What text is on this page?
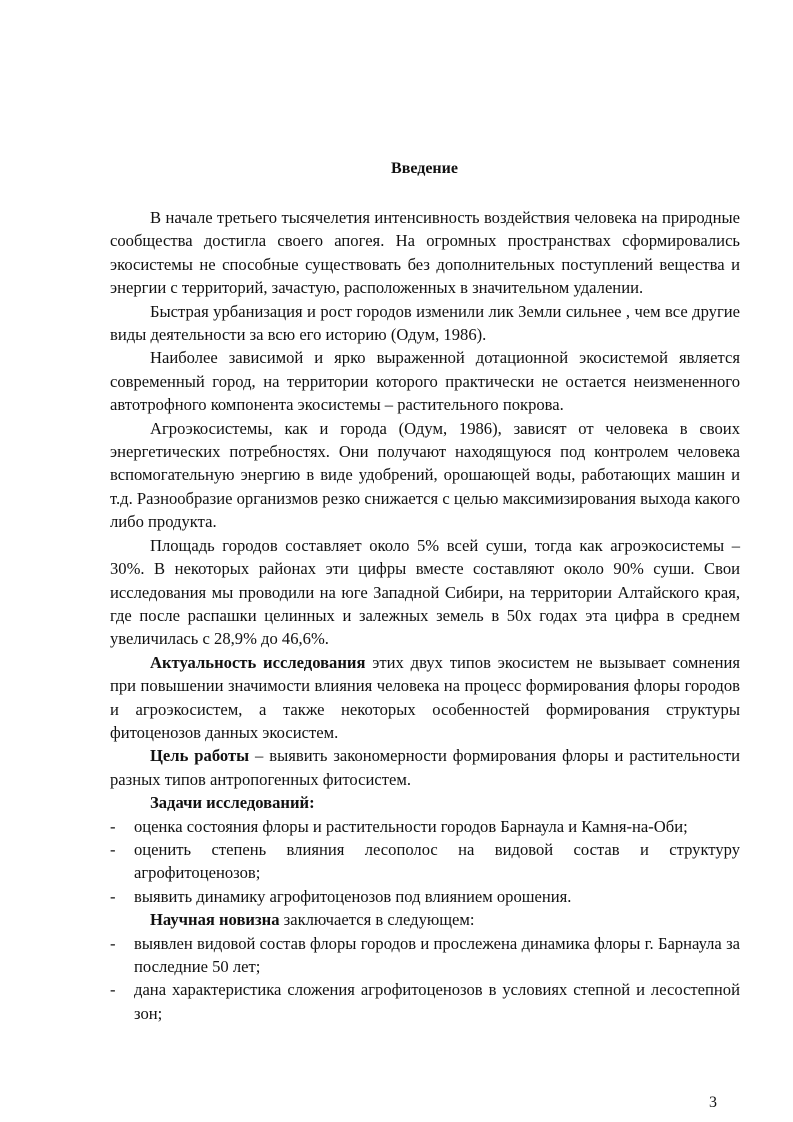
Введение

В начале третьего тысячелетия интенсивность воздействия человека на природные сообщества достигла своего апогея. На огромных пространствах сформировались экосистемы не способные существовать без дополнительных поступлений вещества и энергии с территорий, зачастую, расположенных в значительном удалении.

Быстрая урбанизация и рост городов изменили лик Земли сильнее , чем все другие виды деятельности за всю его историю (Одум, 1986).

Наиболее зависимой и ярко выраженной дотационной экосистемой является современный город, на территории которого практически не остается неизмененного автотрофного компонента экосистемы – растительного покрова.

Агроэкосистемы, как и города (Одум, 1986), зависят от человека в своих энергетических потребностях. Они получают находящуюся под контролем человека вспомогательную энергию в виде удобрений, орошающей воды, работающих машин и т.д. Разнообразие организмов резко снижается с целью максимизирования выхода какого либо продукта.

Площадь городов составляет около 5% всей суши, тогда как агроэкосистемы – 30%. В некоторых районах эти цифры вместе составляют около 90% суши. Свои исследования мы проводили на юге Западной Сибири, на территории Алтайского края, где после распашки целинных и залежных земель в 50х годах эта цифра в среднем увеличилась с 28,9% до 46,6%.

Актуальность исследования этих двух типов экосистем не вызывает сомнения при повышении значимости влияния человека на процесс формирования флоры городов и агроэкосистем, а также некоторых особенностей формирования структуры фитоценозов данных экосистем.

Цель работы – выявить закономерности формирования флоры и растительности разных типов антропогенных фитосистем.

Задачи исследований:

- оценка состояния флоры и растительности городов Барнаула и Камня-на-Оби;

- оценить степень влияния лесополос на видовой состав и структуру агрофитоценозов;

- выявить динамику агрофитоценозов под влиянием орошения.

Научная новизна заключается в следующем:

- выявлен видовой состав флоры городов и прослежена динамика флоры г. Барнаула за последние 50 лет;

- дана характеристика сложения агрофитоценозов в условиях степной и лесостепной зон;

3
